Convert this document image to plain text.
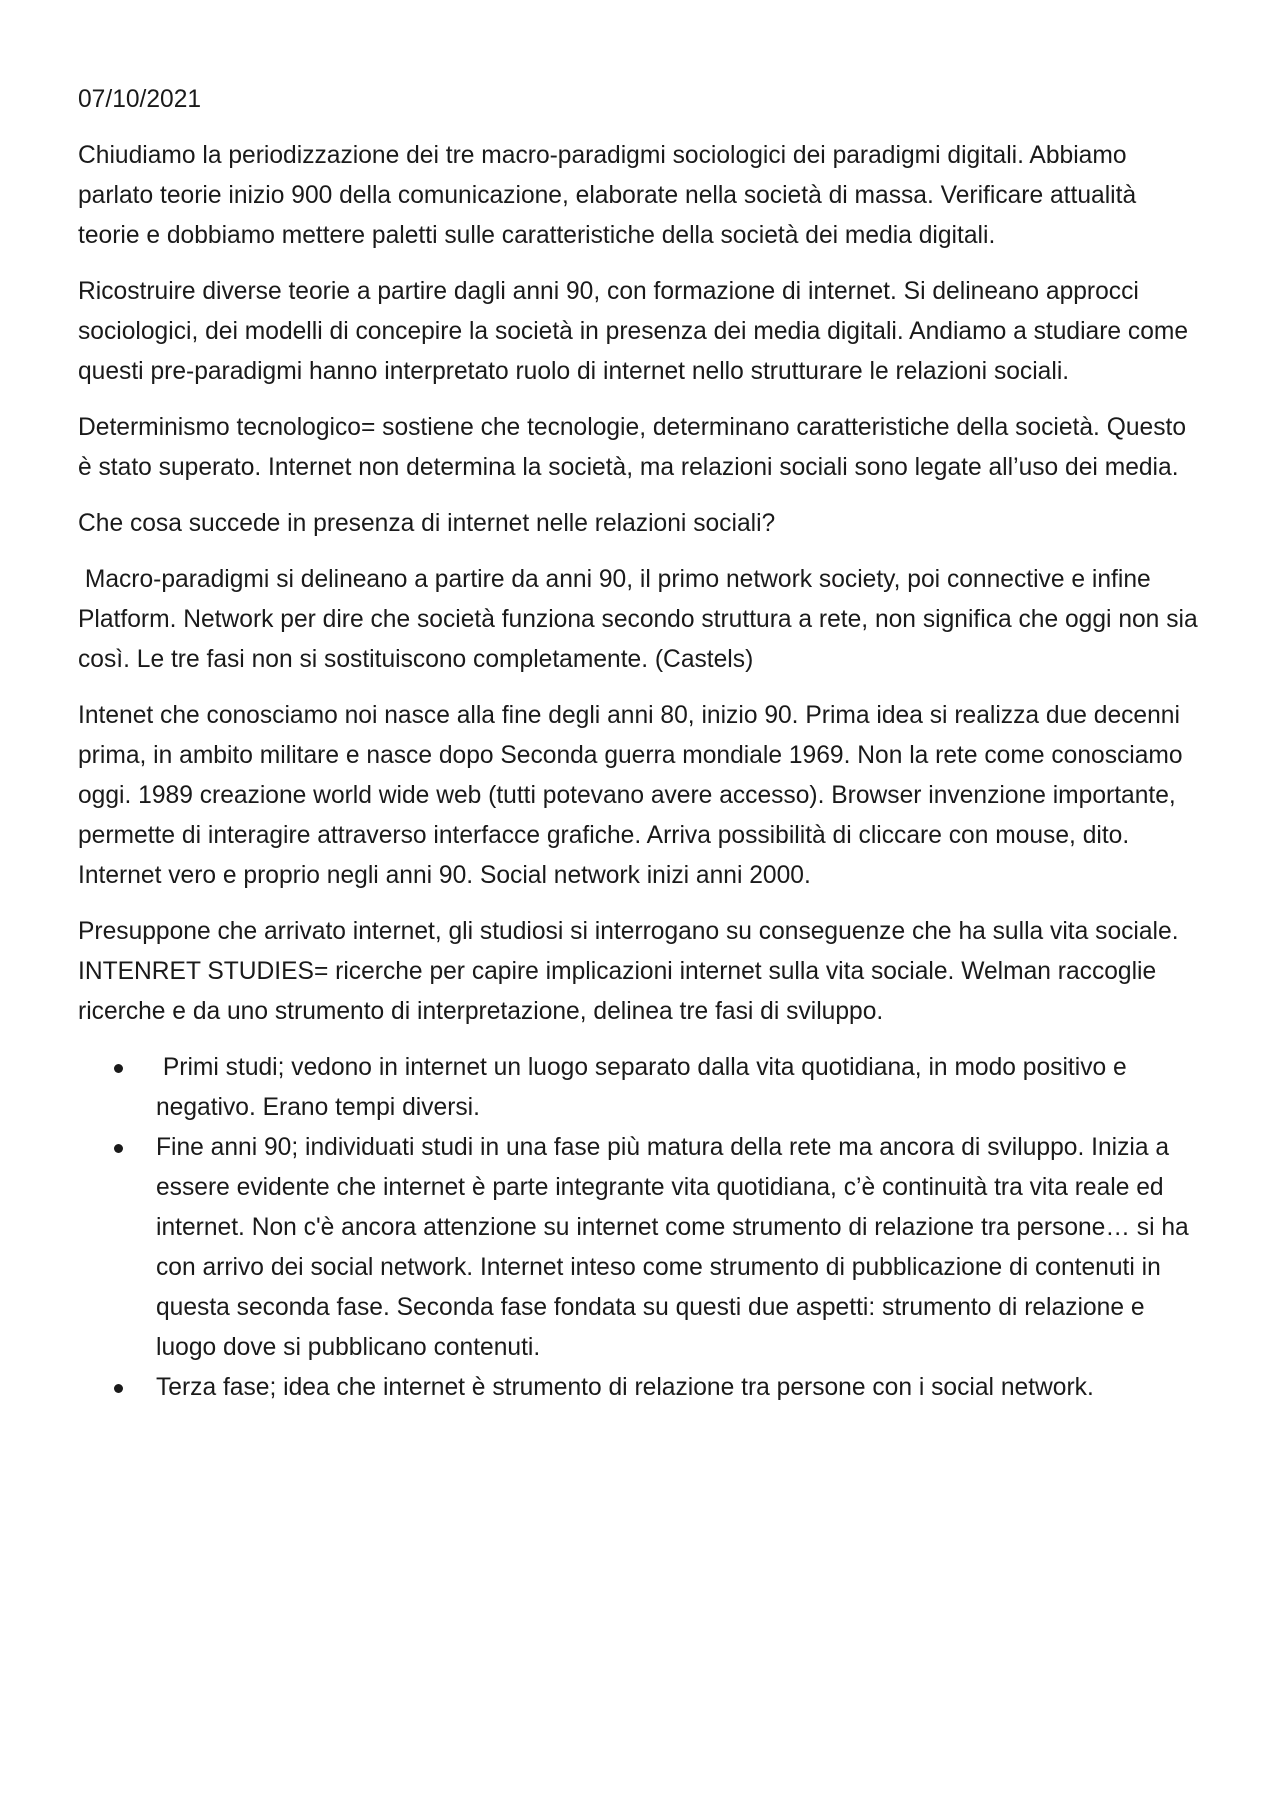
07/10/2021

Chiudiamo la periodizzazione dei tre macro-paradigmi sociologici dei paradigmi digitali. Abbiamo parlato teorie inizio 900 della comunicazione, elaborate nella società di massa. Verificare attualità teorie e dobbiamo mettere paletti sulle caratteristiche della società dei media digitali.

Ricostruire diverse teorie a partire dagli anni 90, con formazione di internet. Si delineano approcci sociologici, dei modelli di concepire la società in presenza dei media digitali. Andiamo a studiare come questi pre-paradigmi hanno interpretato ruolo di internet nello strutturare le relazioni sociali.

Determinismo tecnologico= sostiene che tecnologie, determinano caratteristiche della società. Questo è stato superato. Internet non determina la società, ma relazioni sociali sono legate all’uso dei media.

Che cosa succede in presenza di internet nelle relazioni sociali?

Macro-paradigmi si delineano a partire da anni 90, il primo network society, poi connective e infine Platform. Network per dire che società funziona secondo struttura a rete, non significa che oggi non sia così. Le tre fasi non si sostituiscono completamente. (Castels)

Intenet che conosciamo noi nasce alla fine degli anni 80, inizio 90. Prima idea si realizza due decenni prima, in ambito militare e nasce dopo Seconda guerra mondiale 1969. Non la rete come conosciamo oggi. 1989 creazione world wide web (tutti potevano avere accesso). Browser invenzione importante, permette di interagire attraverso interfacce grafiche. Arriva possibilità di cliccare con mouse, dito. Internet vero e proprio negli anni 90. Social network inizi anni 2000.

Presuppone che arrivato internet, gli studiosi si interrogano su conseguenze che ha sulla vita sociale. INTENRET STUDIES= ricerche per capire implicazioni internet sulla vita sociale. Welman raccoglie ricerche e da uno strumento di interpretazione, delinea tre fasi di sviluppo.

Primi studi; vedono in internet un luogo separato dalla vita quotidiana, in modo positivo e negativo. Erano tempi diversi.
Fine anni 90; individuati studi in una fase più matura della rete ma ancora di sviluppo. Inizia a essere evidente che internet è parte integrante vita quotidiana, c’è continuità tra vita reale ed internet. Non c'è ancora attenzione su internet come strumento di relazione tra persone… si ha con arrivo dei social network. Internet inteso come strumento di pubblicazione di contenuti in questa seconda fase. Seconda fase fondata su questi due aspetti: strumento di relazione e luogo dove si pubblicano contenuti.
Terza fase; idea che internet è strumento di relazione tra persone con i social network.
